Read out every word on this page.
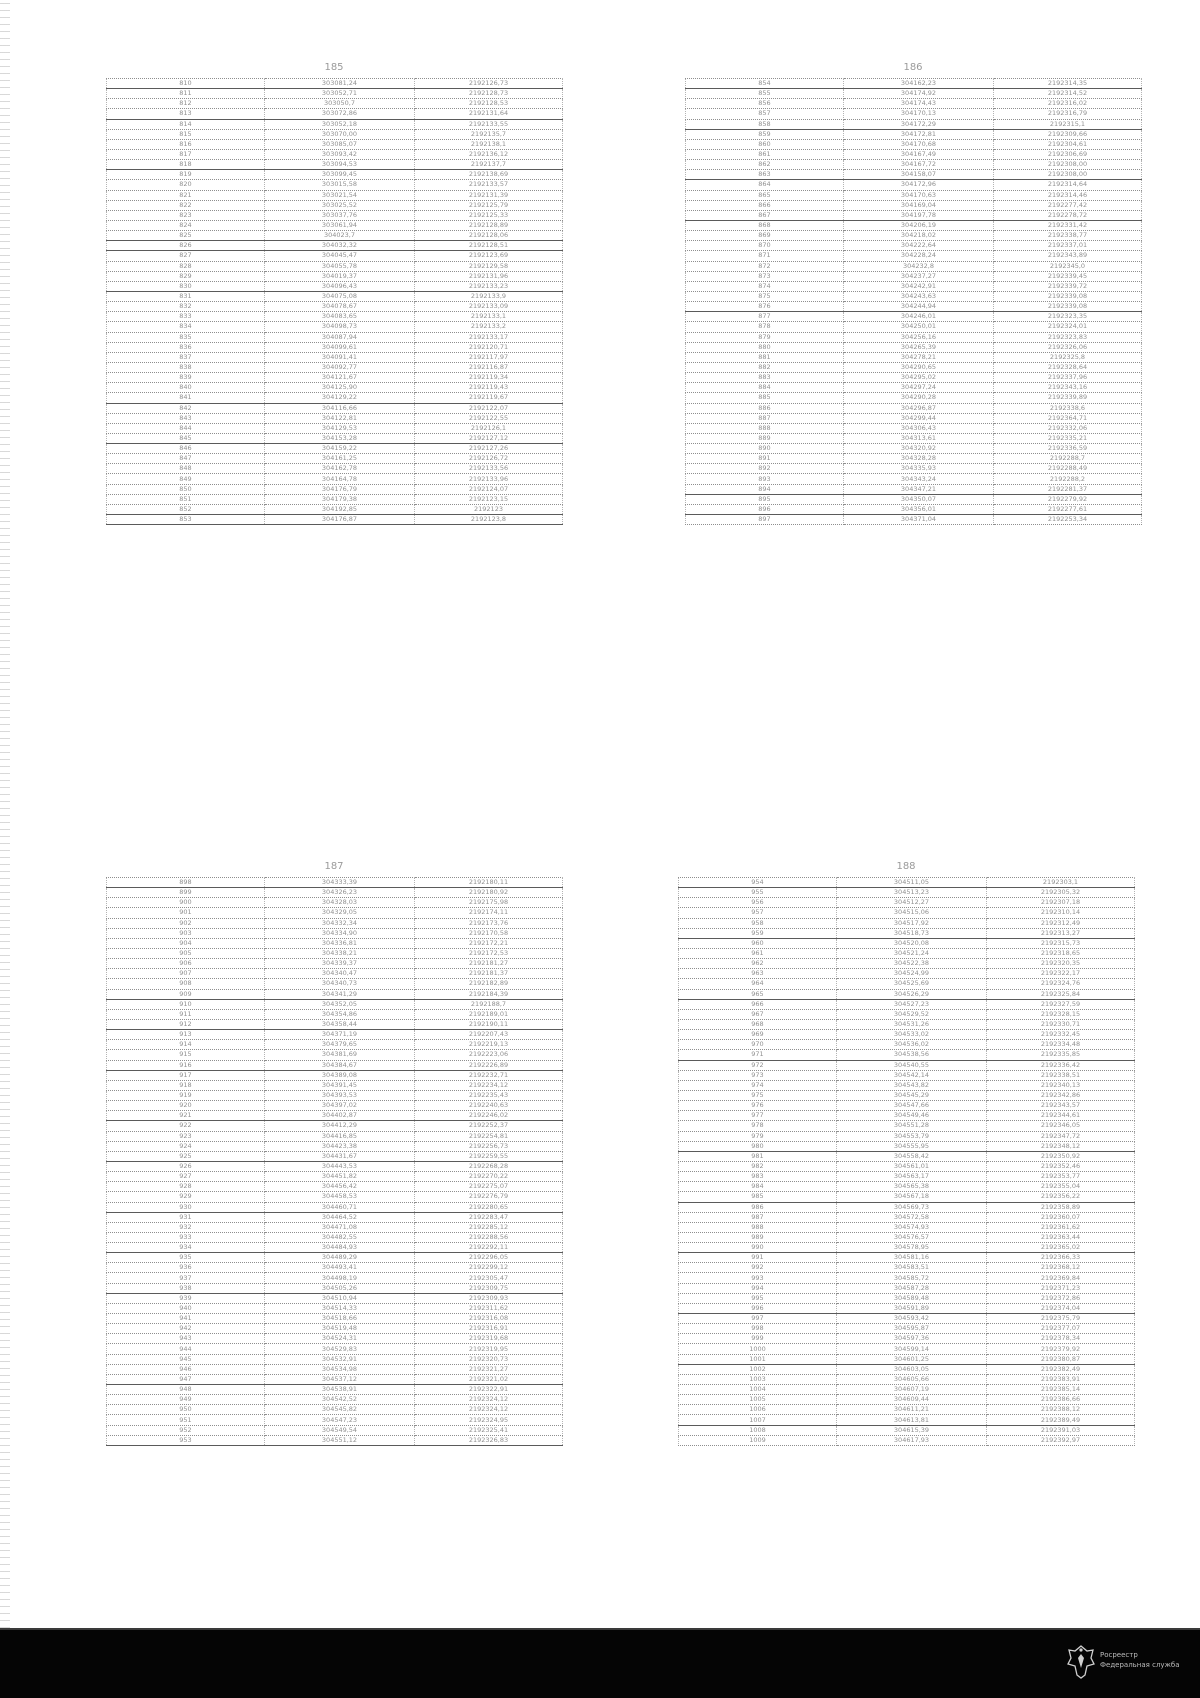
185
810	303081,24	2192126,73
811	303052,71	2192128,73
812	303050,7	2192128,53
813	303072,86	2192131,64
814	303052,18	2192133,55
815	303070,00	2192135,7
816	303085,07	2192138,1
817	303093,42	2192136,12
818	303094,53	2192137,7
819	303099,45	2192138,69
820	303015,58	2192133,57
821	303021,54	2192131,39
822	303025,52	2192125,79
823	303037,76	2192125,33
824	303061,94	2192128,89
825	304023,7	2192128,06
826	304032,32	2192128,51
827	304045,47	2192123,69
828	304055,78	2192129,58
829	304019,37	2192131,96
830	304096,43	2192133,23
831	304075,08	2192133,9
832	304078,67	2192133,09
833	304083,65	2192133,1
834	304098,73	2192133,2
835	304087,94	2192133,17
836	304099,61	2192120,71
837	304091,41	2192117,97
838	304092,77	2192116,87
839	304121,67	2192119,34
840	304125,90	2192119,43
841	304129,22	2192119,67
842	304116,66	2192122,07
843	304122,81	2192122,55
844	304129,53	2192126,1
845	304153,28	2192127,12
846	304159,22	2192127,26
847	304161,25	2192126,72
848	304162,78	2192133,56
849	304164,78	2192133,96
850	304176,79	2192124,07
851	304179,38	2192123,15
852	304192,85	2192123
853	304176,87	2192123,8
186
854	304162,23	2192314,35
855	304174,92	2192314,52
856	304174,43	2192316,02
857	304170,13	2192316,79
858	304172,29	2192315,1
859	304172,81	2192309,66
860	304170,68	2192304,61
861	304167,49	2192306,69
862	304167,72	2192308,00
863	304158,07	2192308,00
864	304172,96	2192314,64
865	304170,63	2192314,46
866	304169,04	2192277,42
867	304197,78	2192278,72
868	304206,19	2192331,42
869	304218,02	2192338,77
870	304222,64	2192337,01
871	304228,24	2192343,89
872	304232,8	2192345,0
873	304237,27	2192339,45
874	304242,91	2192339,72
875	304243,63	2192339,08
876	304244,94	2192339,08
877	304246,01	2192323,35
878	304250,01	2192324,01
879	304256,16	2192323,83
880	304265,39	2192326,06
881	304278,21	2192325,8
882	304290,65	2192328,64
883	304295,02	2192337,96
884	304297,24	2192343,16
885	304290,28	2192339,89
886	304296,87	2192338,6
887	304299,44	2192364,71
888	304306,43	2192332,06
889	304313,61	2192335,21
890	304320,92	2192336,59
891	304328,28	2192288,7
892	304335,93	2192288,49
893	304343,24	2192288,2
894	304347,21	2192281,37
895	304350,07	2192279,92
896	304356,01	2192277,61
897	304371,04	2192253,34
187
898	304333,39	2192180,11
899	304326,23	2192180,92
900	304328,03	2192175,98
901	304329,05	2192174,11
902	304332,34	2192173,76
903	304334,90	2192170,58
904	304336,81	2192172,21
905	304338,21	2192172,53
906	304339,37	2192181,27
907	304340,47	2192181,37
908	304340,73	2192182,89
909	304341,29	2192184,39
910	304352,05	2192188,7
911	304354,86	2192189,01
912	304358,44	2192190,11
913	304371,19	2192207,43
914	304379,65	2192219,13
915	304381,69	2192223,06
916	304384,67	2192226,89
917	304389,08	2192232,71
918	304391,45	2192234,12
919	304393,53	2192235,43
920	304397,02	2192240,63
921	304402,87	2192246,02
922	304412,29	2192252,37
923	304416,85	2192254,81
924	304423,38	2192256,73
925	304431,67	2192259,55
926	304443,53	2192268,28
927	304451,82	2192270,22
928	304456,42	2192275,07
929	304458,53	2192276,79
930	304460,71	2192280,65
931	304464,52	2192283,47
932	304471,08	2192285,12
933	304482,55	2192288,56
934	304484,93	2192292,11
935	304489,29	2192296,05
936	304493,41	2192299,12
937	304498,19	2192305,47
938	304505,26	2192309,75
939	304510,94	2192309,93
940	304514,33	2192311,62
941	304518,66	2192316,08
942	304519,48	2192316,91
943	304524,31	2192319,68
944	304529,83	2192319,95
945	304532,91	2192320,73
946	304534,98	2192321,27
947	304537,12	2192321,02
948	304538,91	2192322,91
949	304542,52	2192324,12
950	304545,82	2192324,12
951	304547,23	2192324,95
952	304549,54	2192325,41
953	304551,12	2192326,83
188
954	304511,05	2192303,1
955	304513,23	2192305,32
956	304512,27	2192307,18
957	304515,06	2192310,14
958	304517,92	2192312,49
959	304518,73	2192313,27
960	304520,08	2192315,73
961	304521,24	2192318,65
962	304522,38	2192320,35
963	304524,99	2192322,17
964	304525,69	2192324,76
965	304526,29	2192325,84
966	304527,23	2192327,59
967	304529,52	2192328,15
968	304531,26	2192330,71
969	304533,02	2192332,45
970	304536,02	2192334,48
971	304538,56	2192335,85
972	304540,55	2192336,42
973	304542,14	2192338,51
974	304543,82	2192340,13
975	304545,29	2192342,86
976	304547,66	2192343,57
977	304549,46	2192344,61
978	304551,28	2192346,05
979	304553,79	2192347,72
980	304555,95	2192348,12
981	304558,42	2192350,92
982	304561,01	2192352,46
983	304563,17	2192353,77
984	304565,38	2192355,04
985	304567,18	2192356,22
986	304569,73	2192358,89
987	304572,58	2192360,07
988	304574,93	2192361,62
989	304576,57	2192363,44
990	304578,95	2192365,02
991	304581,16	2192366,33
992	304583,51	2192368,12
993	304585,72	2192369,84
994	304587,28	2192371,23
995	304589,48	2192372,86
996	304591,89	2192374,04
997	304593,42	2192375,79
998	304595,87	2192377,07
999	304597,36	2192378,34
1000	304599,14	2192379,92
1001	304601,25	2192380,87
1002	304603,05	2192382,49
1003	304605,66	2192383,91
1004	304607,19	2192385,14
1005	304609,44	2192386,66
1006	304611,21	2192388,12
1007	304613,81	2192389,49
1008	304615,39	2192391,03
1009	304617,93	2192392,97
Росреестр
Федеральная служба
